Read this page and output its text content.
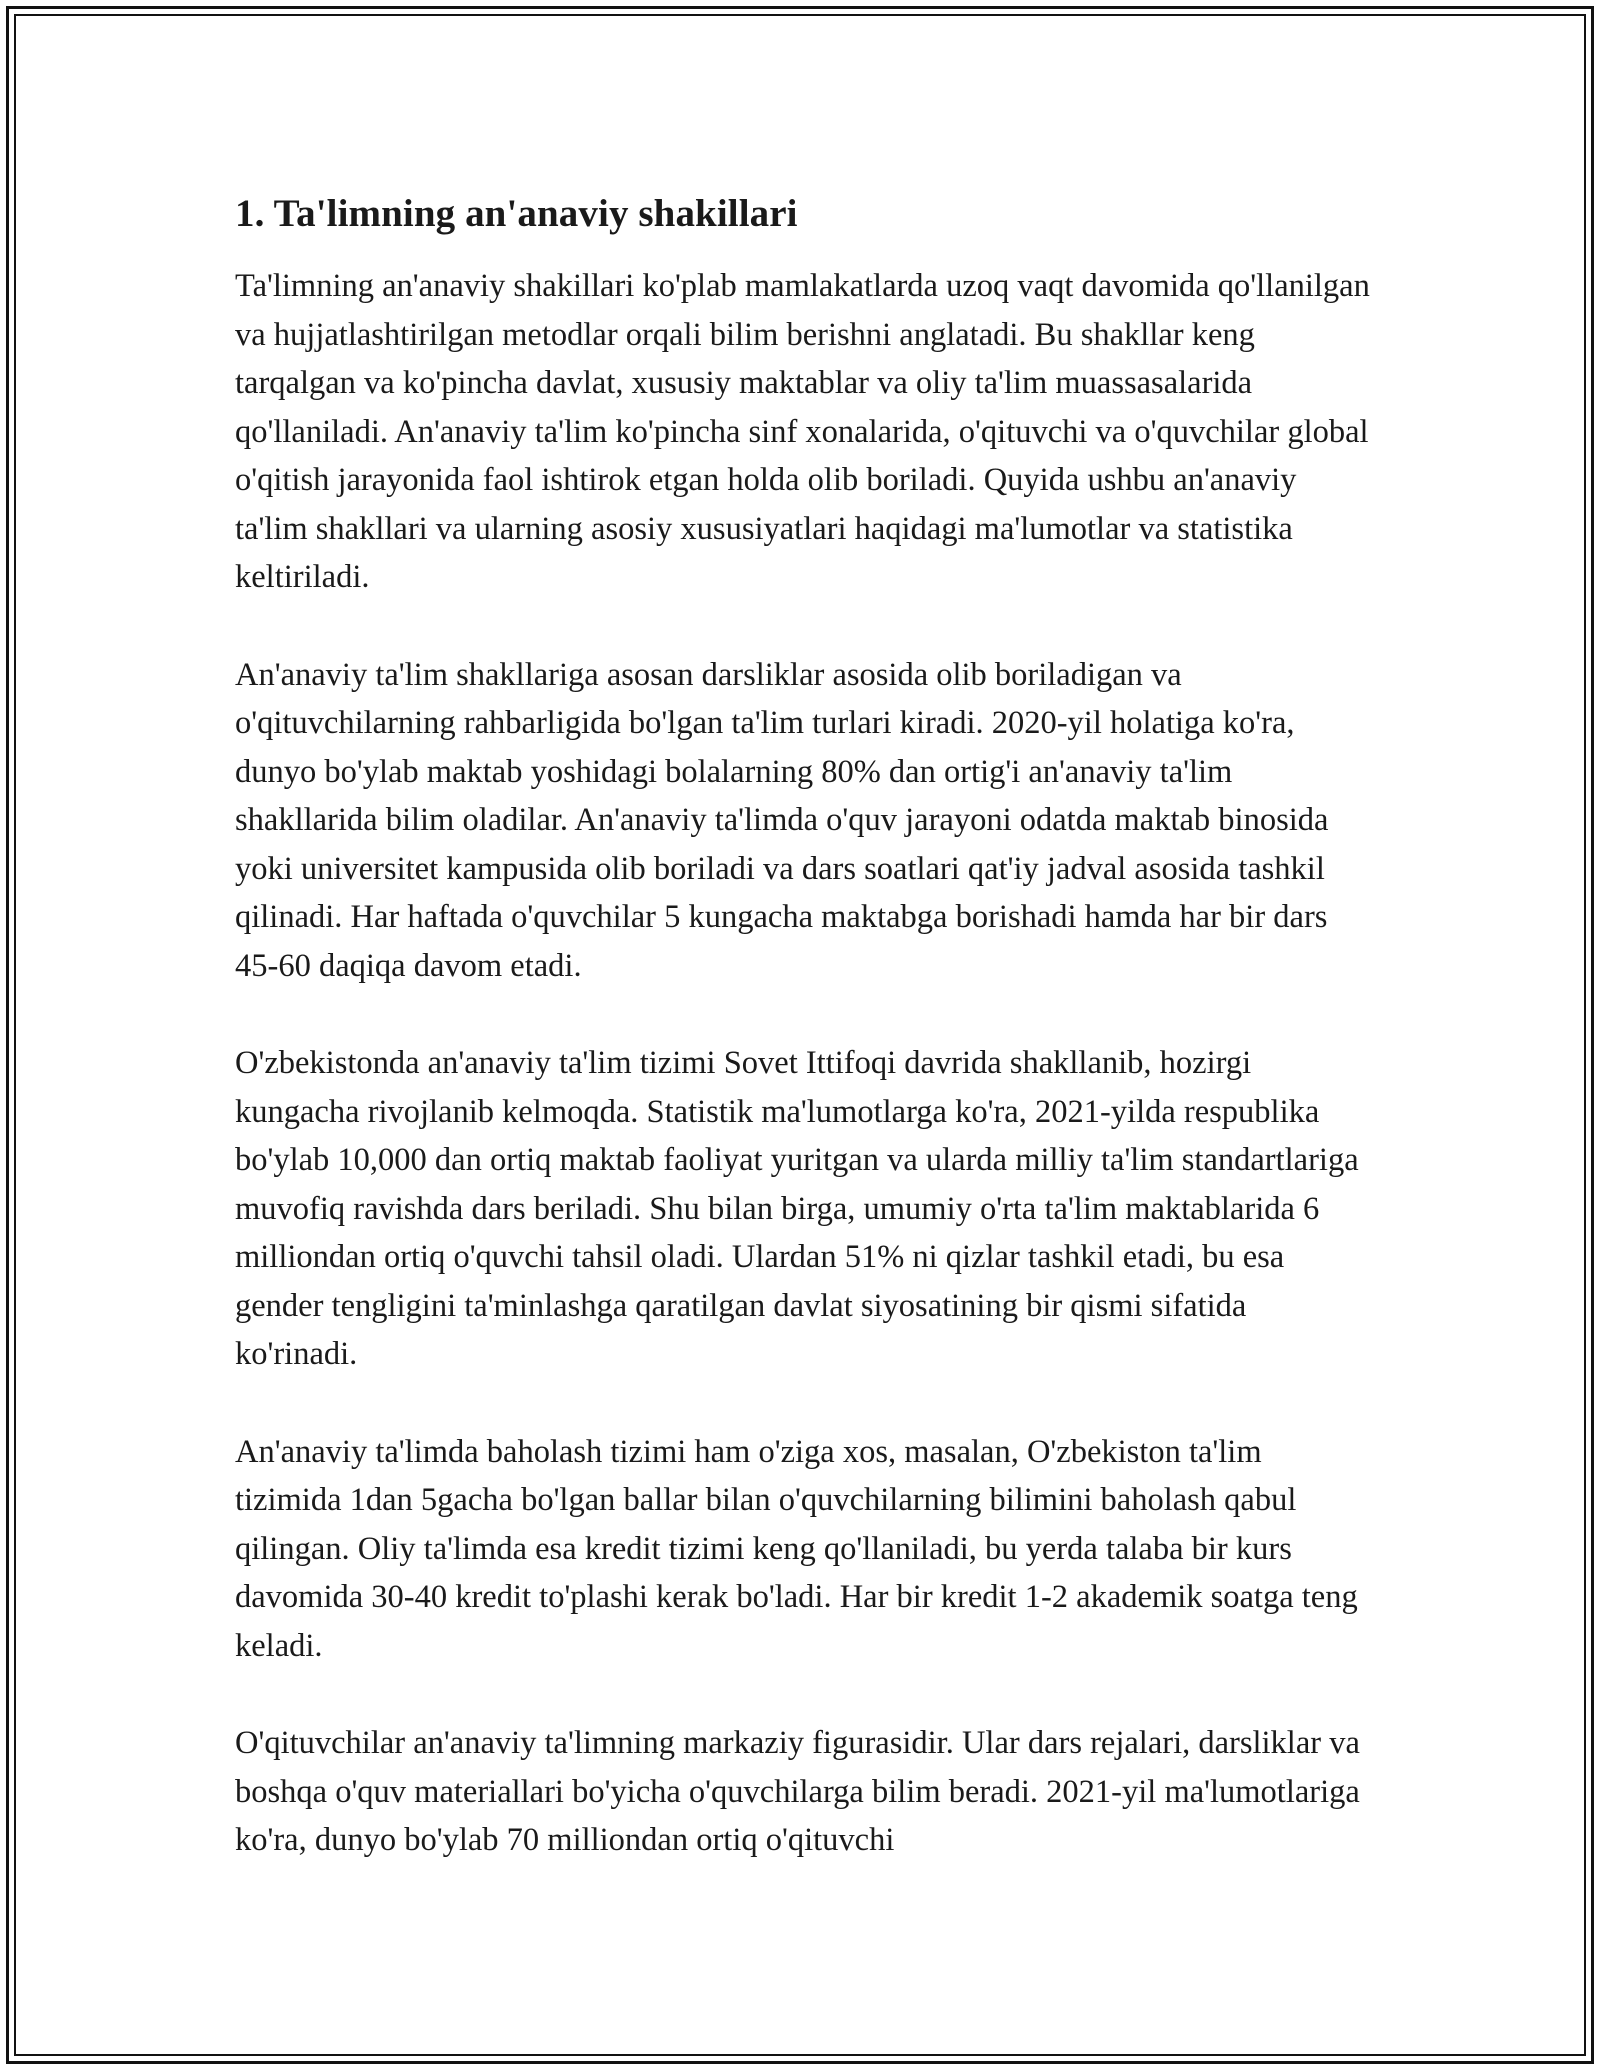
1. Ta'limning an'anaviy shakillari

Ta'limning an'anaviy shakillari ko'plab mamlakatlarda uzoq vaqt davomida qo'llanilgan va hujjatlashtirilgan metodlar orqali bilim berishni anglatadi. Bu shakllar keng tarqalgan va ko'pincha davlat, xususiy maktablar va oliy ta'lim muassasalarida qo'llaniladi. An'anaviy ta'lim ko'pincha sinf xonalarida, o'qituvchi va o'quvchilar global o'qitish jarayonida faol ishtirok etgan holda olib boriladi. Quyida ushbu an'anaviy ta'lim shakllari va ularning asosiy xususiyatlari haqidagi ma'lumotlar va statistika keltiriladi.

An'anaviy ta'lim shakllariga asosan darsliklar asosida olib boriladigan va o'qituvchilarning rahbarligida bo'lgan ta'lim turlari kiradi. 2020-yil holatiga ko'ra, dunyo bo'ylab maktab yoshidagi bolalarning 80% dan ortig'i an'anaviy ta'lim shakllarida bilim oladilar. An'anaviy ta'limda o'quv jarayoni odatda maktab binosida yoki universitet kampusida olib boriladi va dars soatlari qat'iy jadval asosida tashkil qilinadi. Har haftada o'quvchilar 5 kungacha maktabga borishadi hamda har bir dars 45-60 daqiqa davom etadi.

O'zbekistonda an'anaviy ta'lim tizimi Sovet Ittifoqi davrida shakllanib, hozirgi kungacha rivojlanib kelmoqda. Statistik ma'lumotlarga ko'ra, 2021-yilda respublika bo'ylab 10,000 dan ortiq maktab faoliyat yuritgan va ularda milliy ta'lim standartlariga muvofiq ravishda dars beriladi. Shu bilan birga, umumiy o'rta ta'lim maktablarida 6 milliondan ortiq o'quvchi tahsil oladi. Ulardan 51% ni qizlar tashkil etadi, bu esa gender tengligini ta'minlashga qaratilgan davlat siyosatining bir qismi sifatida ko'rinadi.

An'anaviy ta'limda baholash tizimi ham o'ziga xos, masalan, O'zbekiston ta'lim tizimida 1dan 5gacha bo'lgan ballar bilan o'quvchilarning bilimini baholash qabul qilingan. Oliy ta'limda esa kredit tizimi keng qo'llaniladi, bu yerda talaba bir kurs davomida 30-40 kredit to'plashi kerak bo'ladi. Har bir kredit 1-2 akademik soatga teng keladi.

O'qituvchilar an'anaviy ta'limning markaziy figurasidir. Ular dars rejalari, darsliklar va boshqa o'quv materiallari bo'yicha o'quvchilarga bilim beradi. 2021-yil ma'lumotlariga ko'ra, dunyo bo'ylab 70 milliondan ortiq o'qituvchi
